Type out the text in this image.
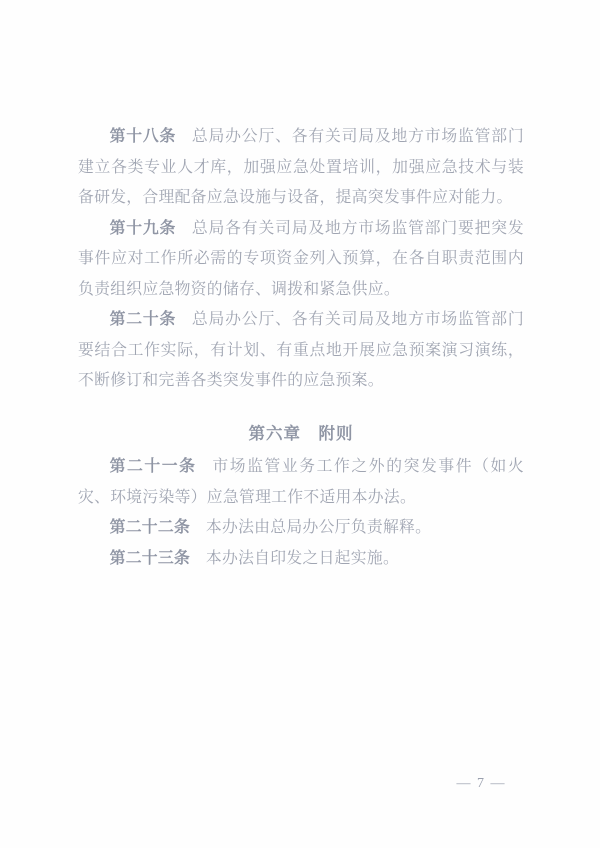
第十八条 总局办公厅、各有关司局及地方市场监管部门建立各类专业人才库，加强应急处置培训，加强应急技术与装备研发，合理配备应急设施与设备，提高突发事件应对能力。

第十九条 总局各有关司局及地方市场监管部门要把突发事件应对工作所必需的专项资金列入预算，在各自职责范围内负责组织应急物资的储存、调拨和紧急供应。

第二十条 总局办公厅、各有关司局及地方市场监管部门要结合工作实际，有计划、有重点地开展应急预案演习演练，不断修订和完善各类突发事件的应急预案。

第六章　附则

第二十一条 市场监管业务工作之外的突发事件（如火灾、环境污染等）应急管理工作不适用本办法。

第二十二条 本办法由总局办公厅负责解释。

第二十三条 本办法自印发之日起实施。

— 7 —
